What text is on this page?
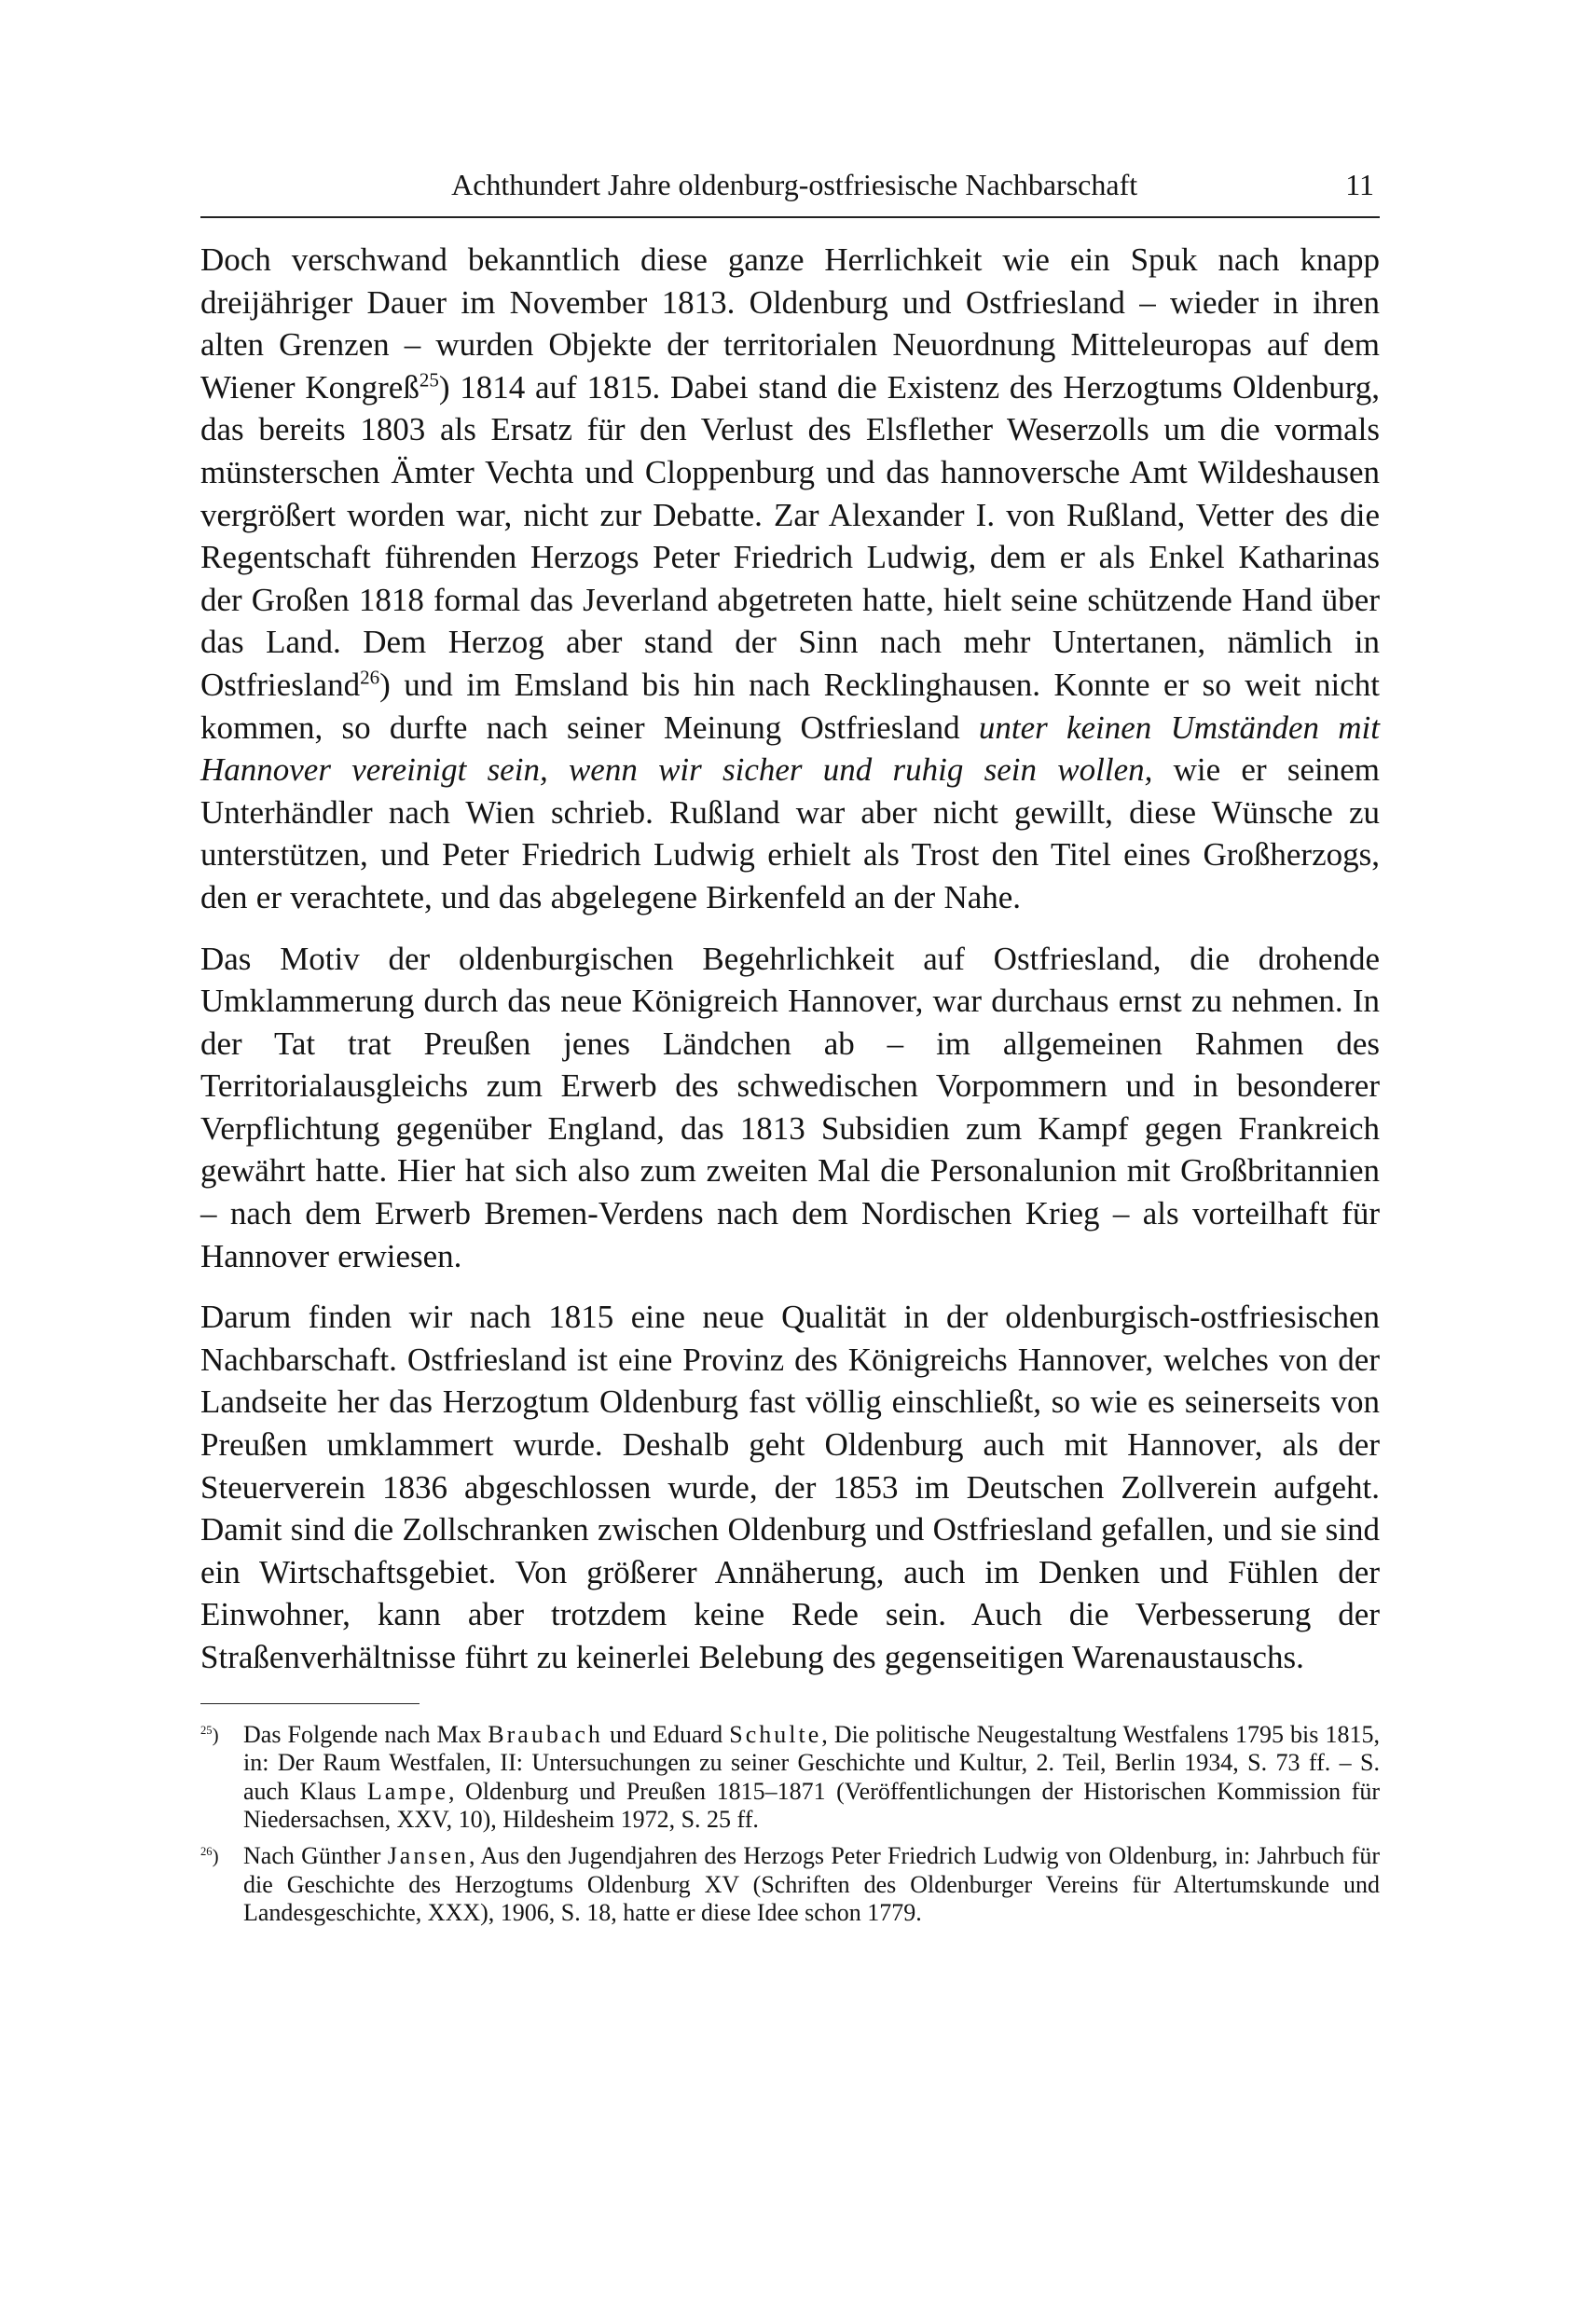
Achthundert Jahre oldenburg-ostfriesische Nachbarschaft	11

Doch verschwand bekanntlich diese ganze Herrlichkeit wie ein Spuk nach knapp dreijähriger Dauer im November 1813. Oldenburg und Ostfriesland – wieder in ihren alten Grenzen – wurden Objekte der territorialen Neuordnung Mitteleuropas auf dem Wiener Kongreß$^{25}$) 1814 auf 1815. Dabei stand die Existenz des Herzogtums Oldenburg, das bereits 1803 als Ersatz für den Verlust des Elsflether Weserzolls um die vormals münsterschen Ämter Vechta und Cloppenburg und das hannoversche Amt Wildeshausen vergrößert worden war, nicht zur Debatte. Zar Alexander I. von Rußland, Vetter des die Regentschaft führenden Herzogs Peter Friedrich Ludwig, dem er als Enkel Katharinas der Großen 1818 formal das Jeverland abgetreten hatte, hielt seine schützende Hand über das Land. Dem Herzog aber stand der Sinn nach mehr Untertanen, nämlich in Ostfriesland$^{26}$) und im Emsland bis hin nach Recklinghausen. Konnte er so weit nicht kommen, so durfte nach seiner Meinung Ostfriesland unter keinen Umständen mit Hannover vereinigt sein, wenn wir sicher und ruhig sein wollen, wie er seinem Unterhändler nach Wien schrieb. Rußland war aber nicht gewillt, diese Wünsche zu unterstützen, und Peter Friedrich Ludwig erhielt als Trost den Titel eines Großherzogs, den er verachtete, und das abgelegene Birkenfeld an der Nahe.

Das Motiv der oldenburgischen Begehrlichkeit auf Ostfriesland, die drohende Umklammerung durch das neue Königreich Hannover, war durchaus ernst zu nehmen. In der Tat trat Preußen jenes Ländchen ab – im allgemeinen Rahmen des Territorialausgleichs zum Erwerb des schwedischen Vorpommern und in besonderer Verpflichtung gegenüber England, das 1813 Subsidien zum Kampf gegen Frankreich gewährt hatte. Hier hat sich also zum zweiten Mal die Personalunion mit Großbritannien – nach dem Erwerb Bremen-Verdens nach dem Nordischen Krieg – als vorteilhaft für Hannover erwiesen.

Darum finden wir nach 1815 eine neue Qualität in der oldenburgisch-ostfriesischen Nachbarschaft. Ostfriesland ist eine Provinz des Königreichs Hannover, welches von der Landseite her das Herzogtum Oldenburg fast völlig einschließt, so wie es seinerseits von Preußen umklammert wurde. Deshalb geht Oldenburg auch mit Hannover, als der Steuerverein 1836 abgeschlossen wurde, der 1853 im Deutschen Zollverein aufgeht. Damit sind die Zollschranken zwischen Oldenburg und Ostfriesland gefallen, und sie sind ein Wirtschaftsgebiet. Von größerer Annäherung, auch im Denken und Fühlen der Einwohner, kann aber trotzdem keine Rede sein. Auch die Verbesserung der Straßenverhältnisse führt zu keinerlei Belebung des gegenseitigen Warenaustauschs.

$^{25}$)	Das Folgende nach Max Braubach und Eduard Schulte, Die politische Neugestaltung Westfalens 1795 bis 1815, in: Der Raum Westfalen, II: Untersuchungen zu seiner Geschichte und Kultur, 2. Teil, Berlin 1934, S. 73 ff. – S. auch Klaus Lampe, Oldenburg und Preußen 1815–1871 (Veröffentlichungen der Historischen Kommission für Niedersachsen, XXV, 10), Hildesheim 1972, S. 25 ff.
$^{26}$)	Nach Günther Jansen, Aus den Jugendjahren des Herzogs Peter Friedrich Ludwig von Oldenburg, in: Jahrbuch für die Geschichte des Herzogtums Oldenburg XV (Schriften des Oldenburger Vereins für Altertumskunde und Landesgeschichte, XXX), 1906, S. 18, hatte er diese Idee schon 1779.
